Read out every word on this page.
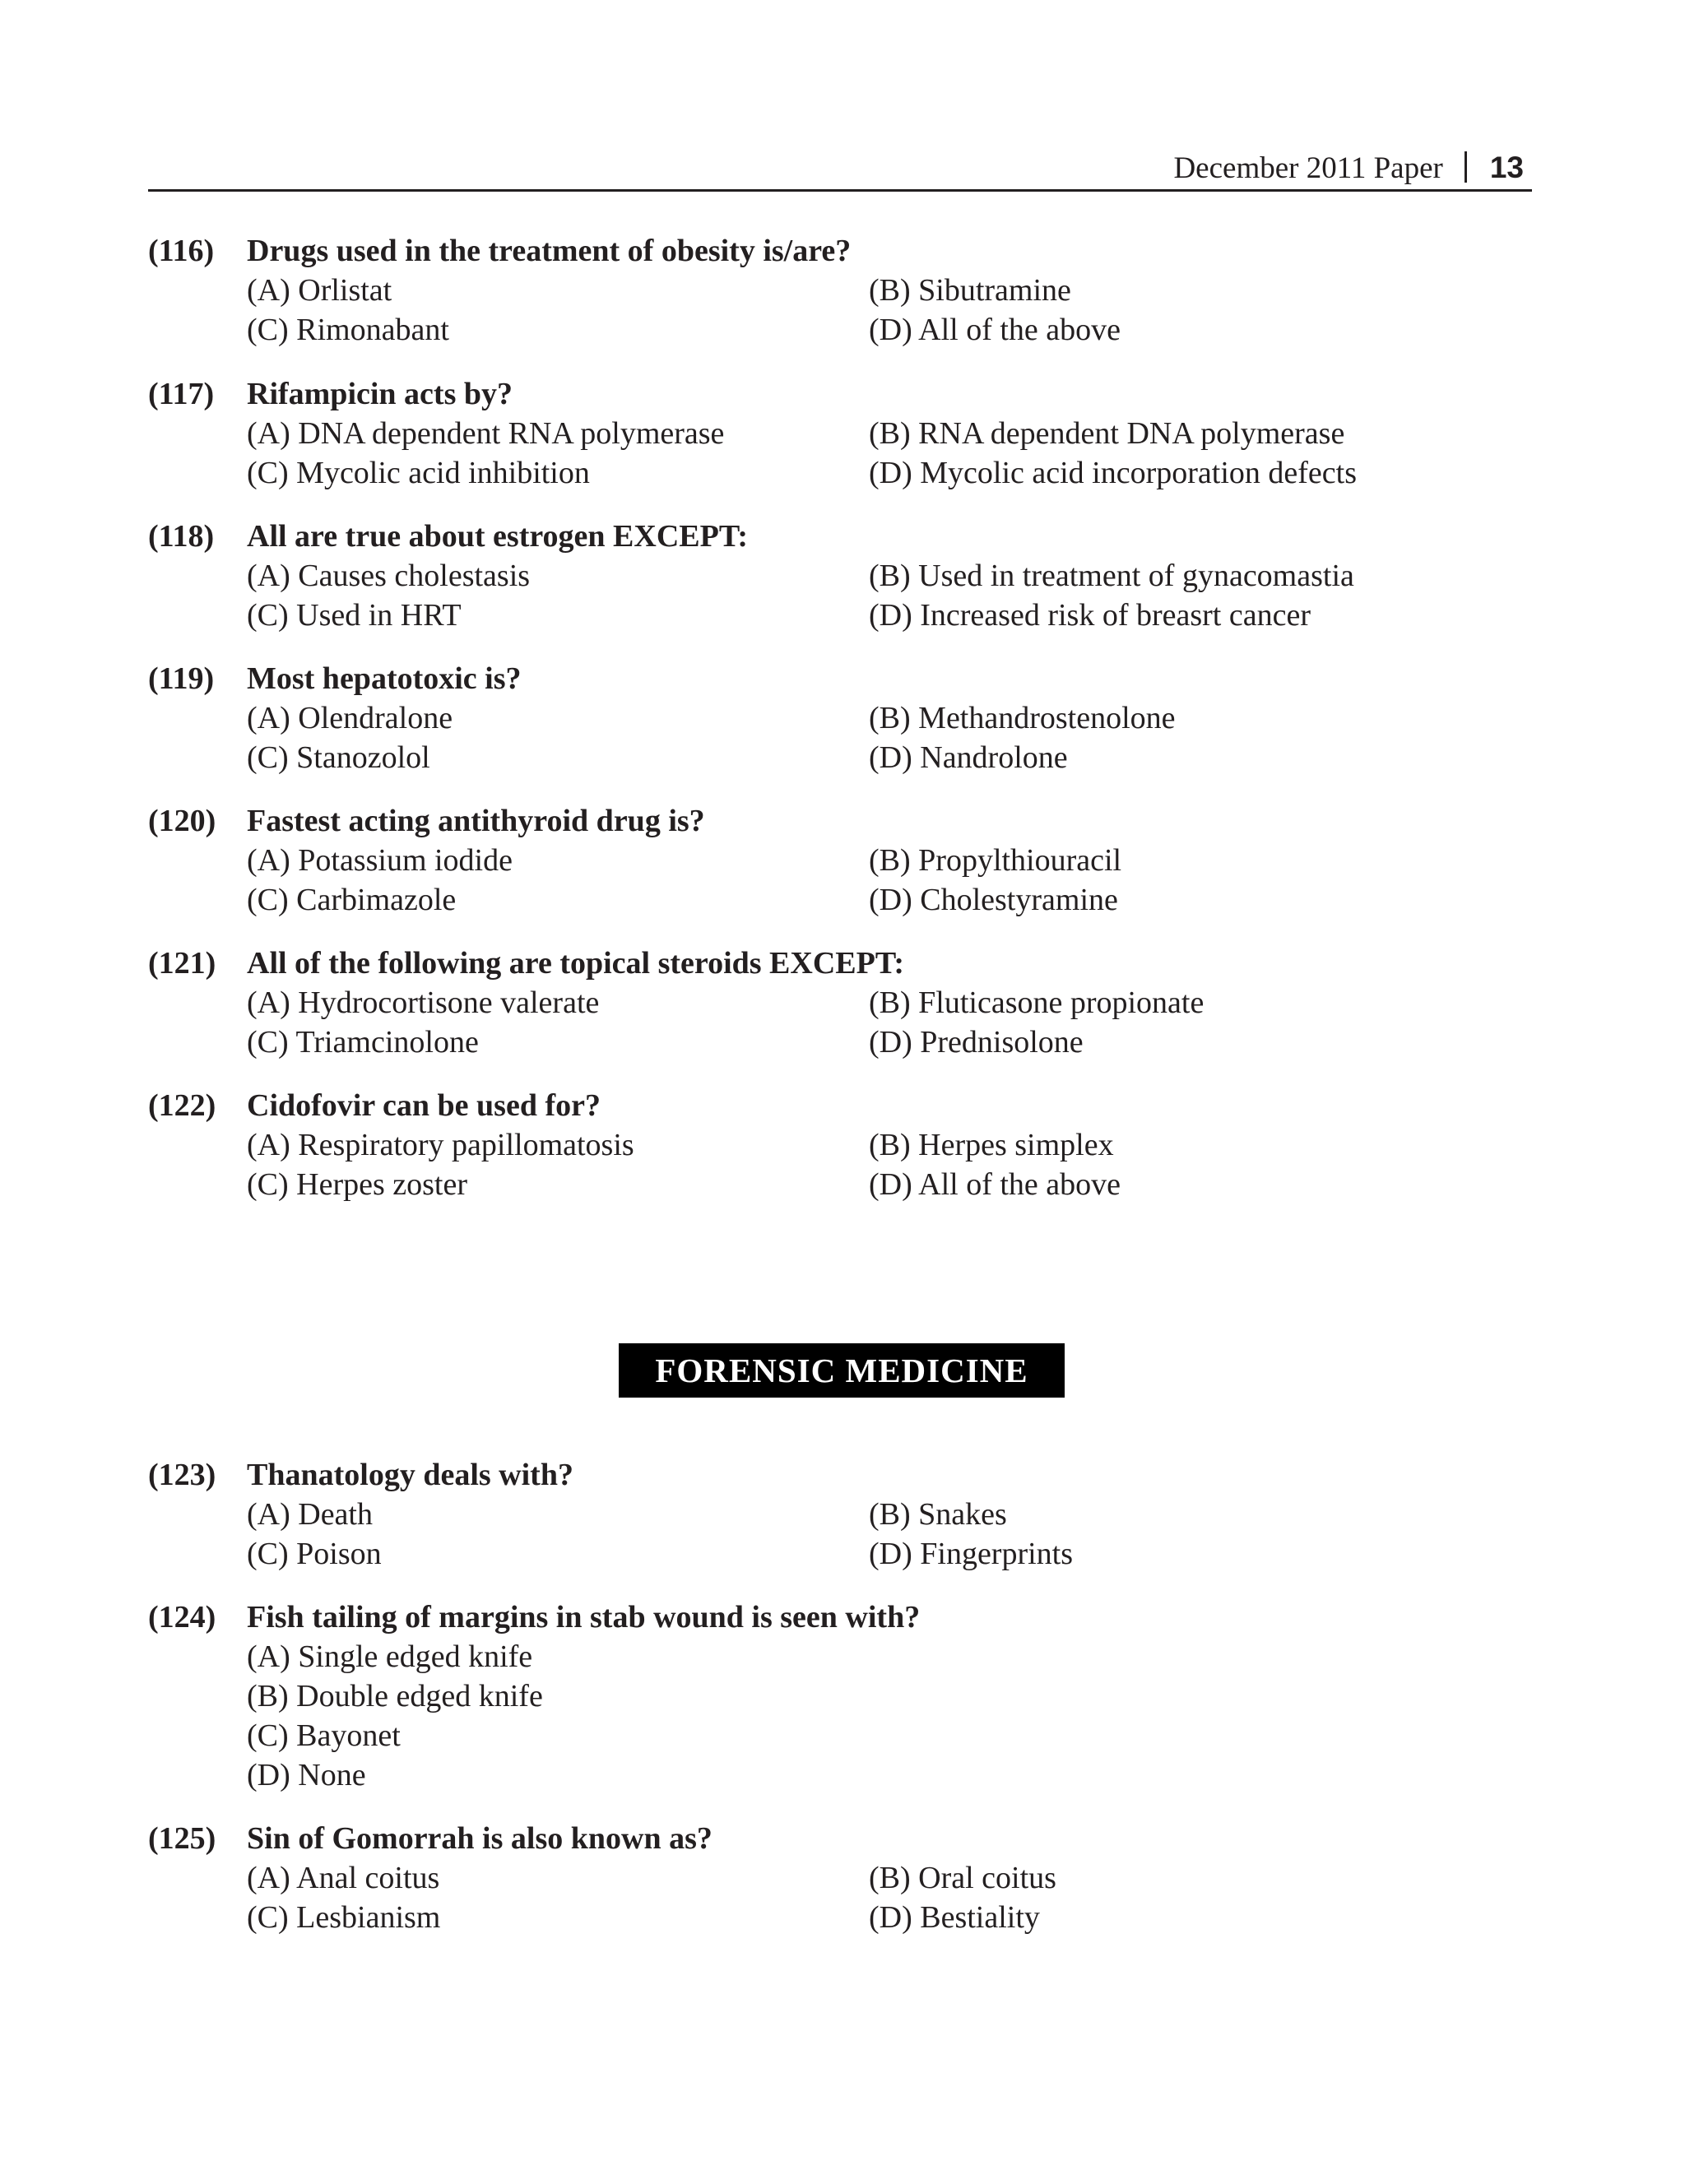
December 2011 Paper 13
(116)	Drugs used in the treatment of obesity is/are?
(A) Orlistat	(B) Sibutramine
(C) Rimonabant	(D) All of the above
(117)	Rifampicin acts by?
(A) DNA dependent RNA polymerase	(B) RNA dependent DNA polymerase
(C) Mycolic acid inhibition	(D) Mycolic acid incorporation defects
(118)	All are true about estrogen EXCEPT:
(A) Causes cholestasis	(B) Used in treatment of gynacomastia
(C) Used in HRT	(D) Increased risk of breasrt cancer
(119)	Most hepatotoxic is?
(A) Olendralone	(B) Methandrostenolone
(C) Stanozolol	(D) Nandrolone
(120) Fastest acting antithyroid drug is?
(A) Potassium iodide	(B) Propylthiouracil
(C) Carbimazole	(D) Cholestyramine
(121) All of the following are topical steroids EXCEPT:
(A) Hydrocortisone valerate	(B) Fluticasone propionate
(C) Triamcinolone	(D) Prednisolone
(122) Cidofovir can be used for?
(A) Respiratory papillomatosis	(B) Herpes simplex
(C) Herpes zoster	(D) All of the above
FORENSIC MEDICINE
(123) Thanatology deals with?
(A) Death	(B) Snakes
(C) Poison	(D) Fingerprints
(124) Fish tailing of margins in stab wound is seen with?
(A) Single edged knife
(B) Double edged knife
(C) Bayonet
(D) None
(125) Sin of Gomorrah is also known as?
(A) Anal coitus	(B) Oral coitus
(C) Lesbianism	(D) Bestiality
